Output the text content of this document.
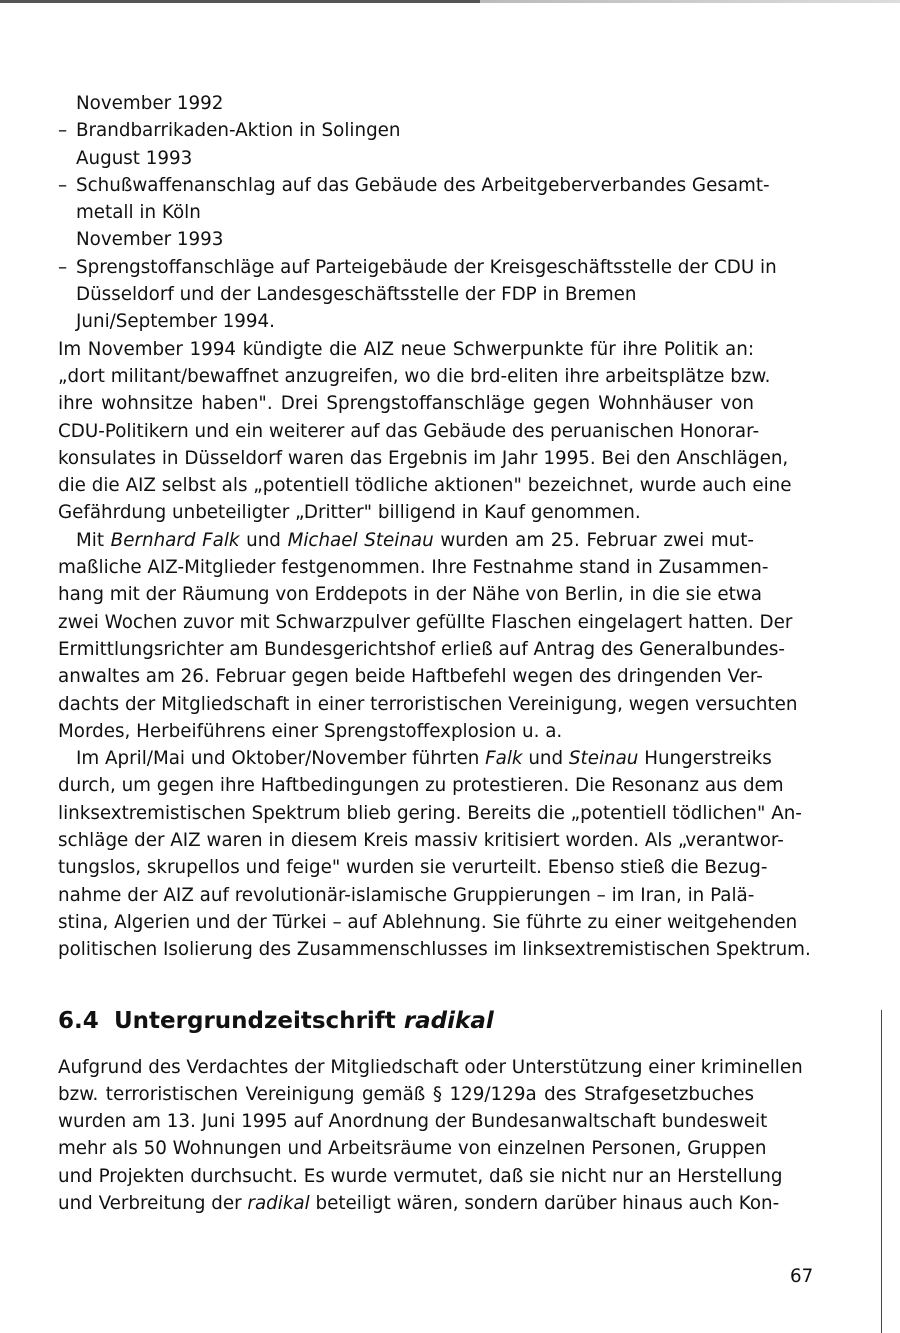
November 1992
– Brandbarrikaden-Aktion in Solingen
August 1993
– Schußwaffenanschlag auf das Gebäude des Arbeitgeberverbandes Gesamt-
metall in Köln
November 1993
– Sprengstoffanschläge auf Parteigebäude der Kreisgeschäftsstelle der CDU in
Düsseldorf und der Landesgeschäftsstelle der FDP in Bremen
Juni/September 1994.
Im November 1994 kündigte die AIZ neue Schwerpunkte für ihre Politik an:
„dort militant/bewaffnet anzugreifen, wo die brd-eliten ihre arbeitsplätze bzw.
ihre wohnsitze haben". Drei Sprengstoffanschläge gegen Wohnhäuser von
CDU-Politikern und ein weiterer auf das Gebäude des peruanischen Honorar-
konsulates in Düsseldorf waren das Ergebnis im Jahr 1995. Bei den Anschlägen,
die die AIZ selbst als „potentiell tödliche aktionen" bezeichnet, wurde auch eine
Gefährdung unbeteiligter „Dritter" billigend in Kauf genommen.
Mit Bernhard Falk und Michael Steinau wurden am 25. Februar zwei mut-
maßliche AIZ-Mitglieder festgenommen. Ihre Festnahme stand in Zusammen-
hang mit der Räumung von Erddepots in der Nähe von Berlin, in die sie etwa
zwei Wochen zuvor mit Schwarzpulver gefüllte Flaschen eingelagert hatten. Der
Ermittlungsrichter am Bundesgerichtshof erließ auf Antrag des Generalbundes-
anwaltes am 26. Februar gegen beide Haftbefehl wegen des dringenden Ver-
dachts der Mitgliedschaft in einer terroristischen Vereinigung, wegen versuchten
Mordes, Herbeiführens einer Sprengstoffexplosion u. a.
Im April/Mai und Oktober/November führten Falk und Steinau Hungerstreiks
durch, um gegen ihre Haftbedingungen zu protestieren. Die Resonanz aus dem
linksextremistischen Spektrum blieb gering. Bereits die „potentiell tödlichen" An-
schläge der AIZ waren in diesem Kreis massiv kritisiert worden. Als „verantwor-
tungslos, skrupellos und feige" wurden sie verurteilt. Ebenso stieß die Bezug-
nahme der AIZ auf revolutionär-islamische Gruppierungen – im Iran, in Palä-
stina, Algerien und der Türkei – auf Ablehnung. Sie führte zu einer weitgehenden
politischen Isolierung des Zusammenschlusses im linksextremistischen Spektrum.
6.4 Untergrundzeitschrift radikal
Aufgrund des Verdachtes der Mitgliedschaft oder Unterstützung einer kriminellen
bzw. terroristischen Vereinigung gemäß § 129/129a des Strafgesetzbuches
wurden am 13. Juni 1995 auf Anordnung der Bundesanwaltschaft bundesweit
mehr als 50 Wohnungen und Arbeitsräume von einzelnen Personen, Gruppen
und Projekten durchsucht. Es wurde vermutet, daß sie nicht nur an Herstellung
und Verbreitung der radikal beteiligt wären, sondern darüber hinaus auch Kon-
67
